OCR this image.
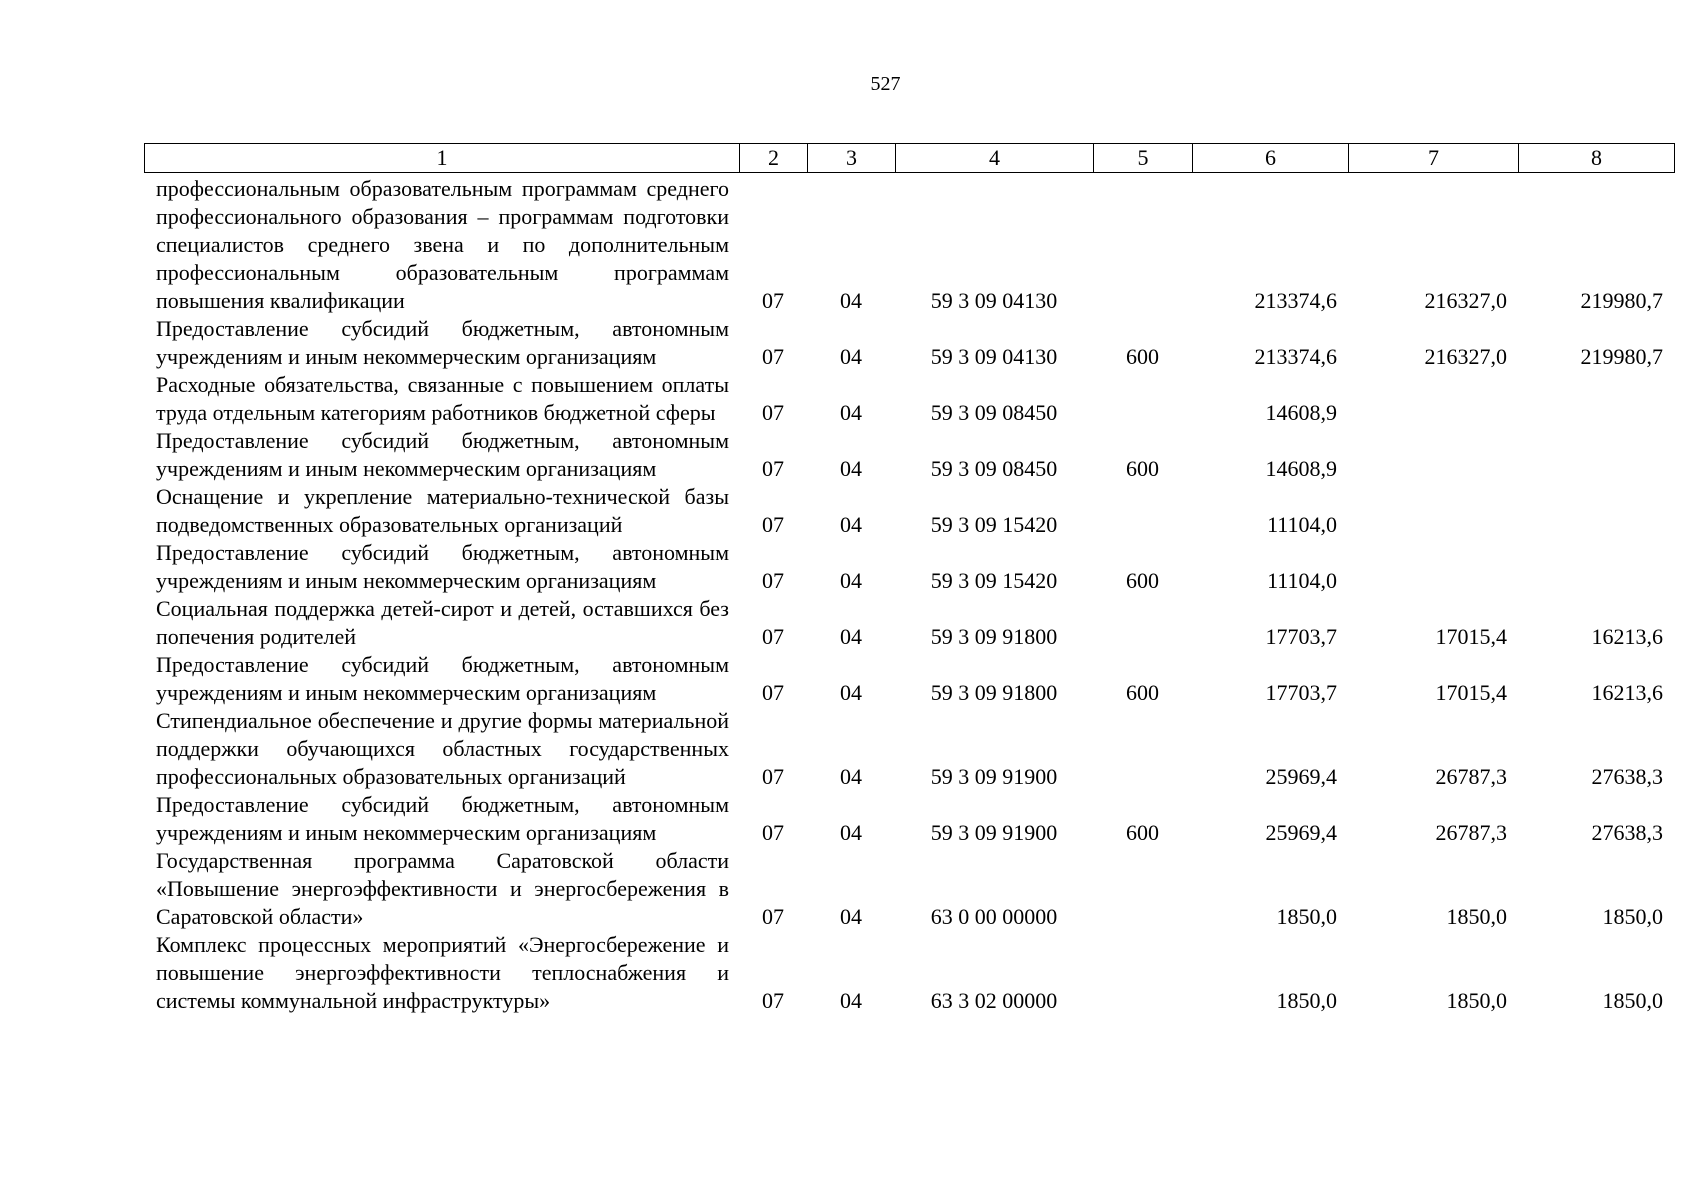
527
1	2	3	4	5	6	7	8
профессиональным образовательным программам среднего профессионального образования – программам подготовки специалистов среднего звена и по дополнительным профессиональным образовательным программам повышения квалификации	07	04	59 3 09 04130		213374,6	216327,0	219980,7
Предоставление субсидий бюджетным, автономным учреждениям и иным некоммерческим организациям	07	04	59 3 09 04130	600	213374,6	216327,0	219980,7
Расходные обязательства, связанные с повышением оплаты труда отдельным категориям работников бюджетной сферы	07	04	59 3 09 08450		14608,9		
Предоставление субсидий бюджетным, автономным учреждениям и иным некоммерческим организациям	07	04	59 3 09 08450	600	14608,9		
Оснащение и укрепление материально-технической базы подведомственных образовательных организаций	07	04	59 3 09 15420		11104,0		
Предоставление субсидий бюджетным, автономным учреждениям и иным некоммерческим организациям	07	04	59 3 09 15420	600	11104,0		
Социальная поддержка детей-сирот и детей, оставшихся без попечения родителей	07	04	59 3 09 91800		17703,7	17015,4	16213,6
Предоставление субсидий бюджетным, автономным учреждениям и иным некоммерческим организациям	07	04	59 3 09 91800	600	17703,7	17015,4	16213,6
Стипендиальное обеспечение и другие формы материальной поддержки обучающихся областных государственных профессиональных образовательных организаций	07	04	59 3 09 91900		25969,4	26787,3	27638,3
Предоставление субсидий бюджетным, автономным учреждениям и иным некоммерческим организациям	07	04	59 3 09 91900	600	25969,4	26787,3	27638,3
Государственная программа Саратовской области «Повышение энергоэффективности и энергосбережения в Саратовской области»	07	04	63 0 00 00000		1850,0	1850,0	1850,0
Комплекс процессных мероприятий «Энергосбережение и повышение энергоэффективности теплоснабжения и системы коммунальной инфраструктуры»	07	04	63 3 02 00000		1850,0	1850,0	1850,0
